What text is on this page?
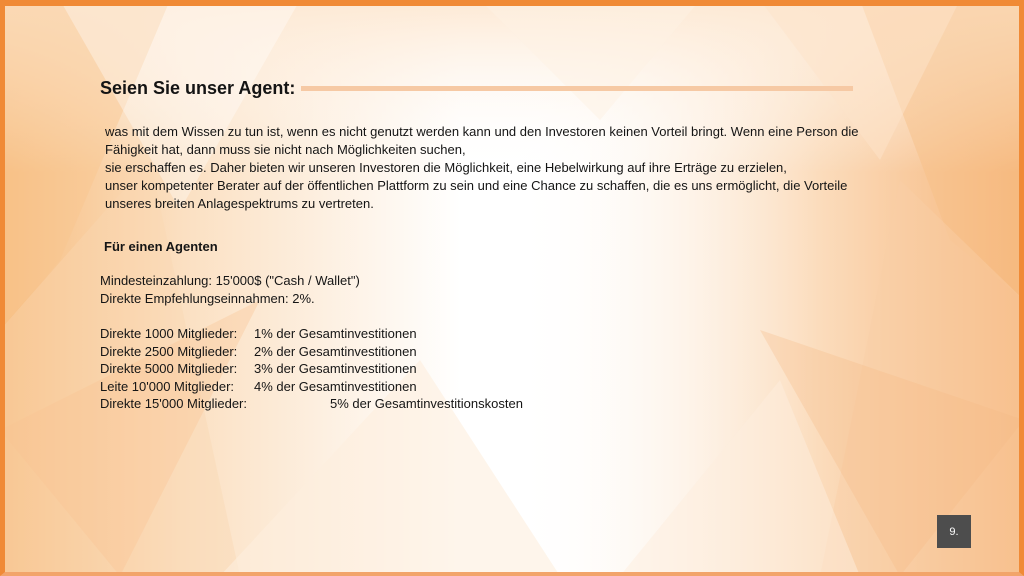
Seien Sie unser Agent:
was mit dem Wissen zu tun ist, wenn es nicht genutzt werden kann und den Investoren keinen Vorteil bringt. Wenn eine Person die
Fähigkeit hat, dann muss sie nicht nach Möglichkeiten suchen,
sie erschaffen es. Daher bieten wir unseren Investoren die Möglichkeit, eine Hebelwirkung auf ihre Erträge zu erzielen,
unser kompetenter Berater auf der öffentlichen Plattform zu sein und eine Chance zu schaffen, die es uns ermöglicht, die Vorteile
unseres breiten Anlagespektrums zu vertreten.
Für einen Agenten
Mindesteinzahlung: 15'000$ ("Cash / Wallet")
Direkte Empfehlungseinnahmen: 2%.
Direkte 1000 Mitglieder: 1% der Gesamtinvestitionen
Direkte 2500 Mitglieder: 2% der Gesamtinvestitionen
Direkte 5000 Mitglieder: 3% der Gesamtinvestitionen
Leite 10'000 Mitglieder: 4% der Gesamtinvestitionen
Direkte 15'000 Mitglieder:	5% der Gesamtinvestitionskosten
9.
